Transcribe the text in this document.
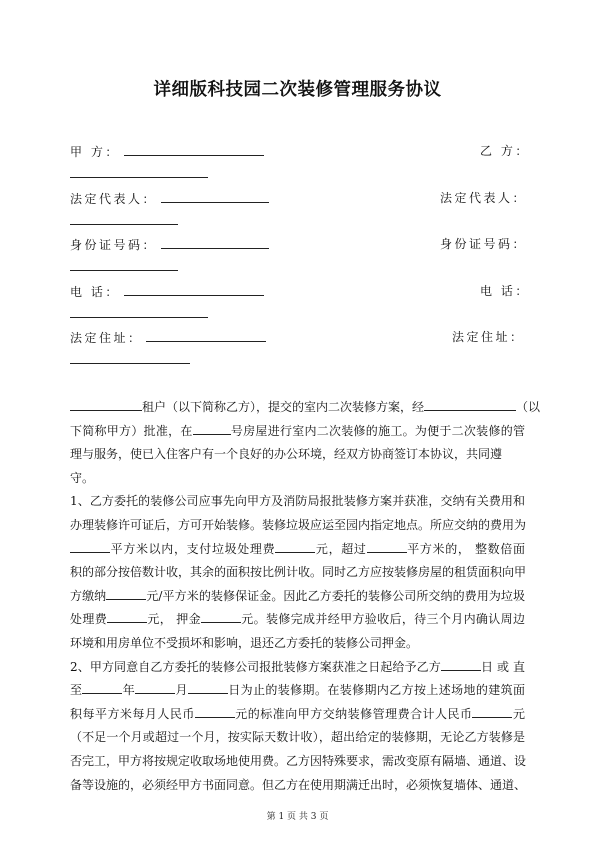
详细版科技园二次装修管理服务协议
甲 方：	乙 方：
法定代表人：	法定代表人：
身份证号码：	身份证号码：
电 话：	电 话：
法定住址：	法定住址：

租户（以下简称乙方），提交的室内二次装修方案，经	（以

下简称甲方）批准，在	号房屋进行室内二次装修的施工。为便于二次装修的管

理与服务，使已入住客户有一个良好的办公环境，经双方协商签订本协议，共同遵守。

1、乙方委托的装修公司应事先向甲方及消防局报批装修方案并获准，交纳有关费用和

办理装修许可证后，方可开始装修。装修垃圾应运至园内指定地点。所应交纳的费用为

平方米以内，支付垃圾处理费	元，超过	平方米的， 整数倍面

积的部分按倍数计收，其余的面积按比例计收。同时乙方应按装修房屋的租赁面积向甲

方缴纳	元/平方米的装修保证金。因此乙方委托的装修公司所交纳的费用为垃圾

处理费	元， 押金	元。装修完成并经甲方验收后，待三个月内确认周边

环境和用房单位不受损坏和影响，退还乙方委托的装修公司押金。

2、甲方同意自乙方委托的装修公司报批装修方案获准之日起给予乙方	日 或 直

至	年	月	日为止的装修期。在装修期内乙方按上述场地的建筑面

积每平方米每月人民币	元的标准向甲方交纳装修管理费合计人民币	元

（不足一个月或超过一个月，按实际天数计收），超出给定的装修期，无论乙方装修是

否完工，甲方将按规定收取场地使用费。乙方因特殊要求，需改变原有隔墙、通道、设

备等设施的，必须经甲方书面同意。但乙方在使用期满迁出时，必须恢复墙体、通道、

第 1 页 共 3 页
